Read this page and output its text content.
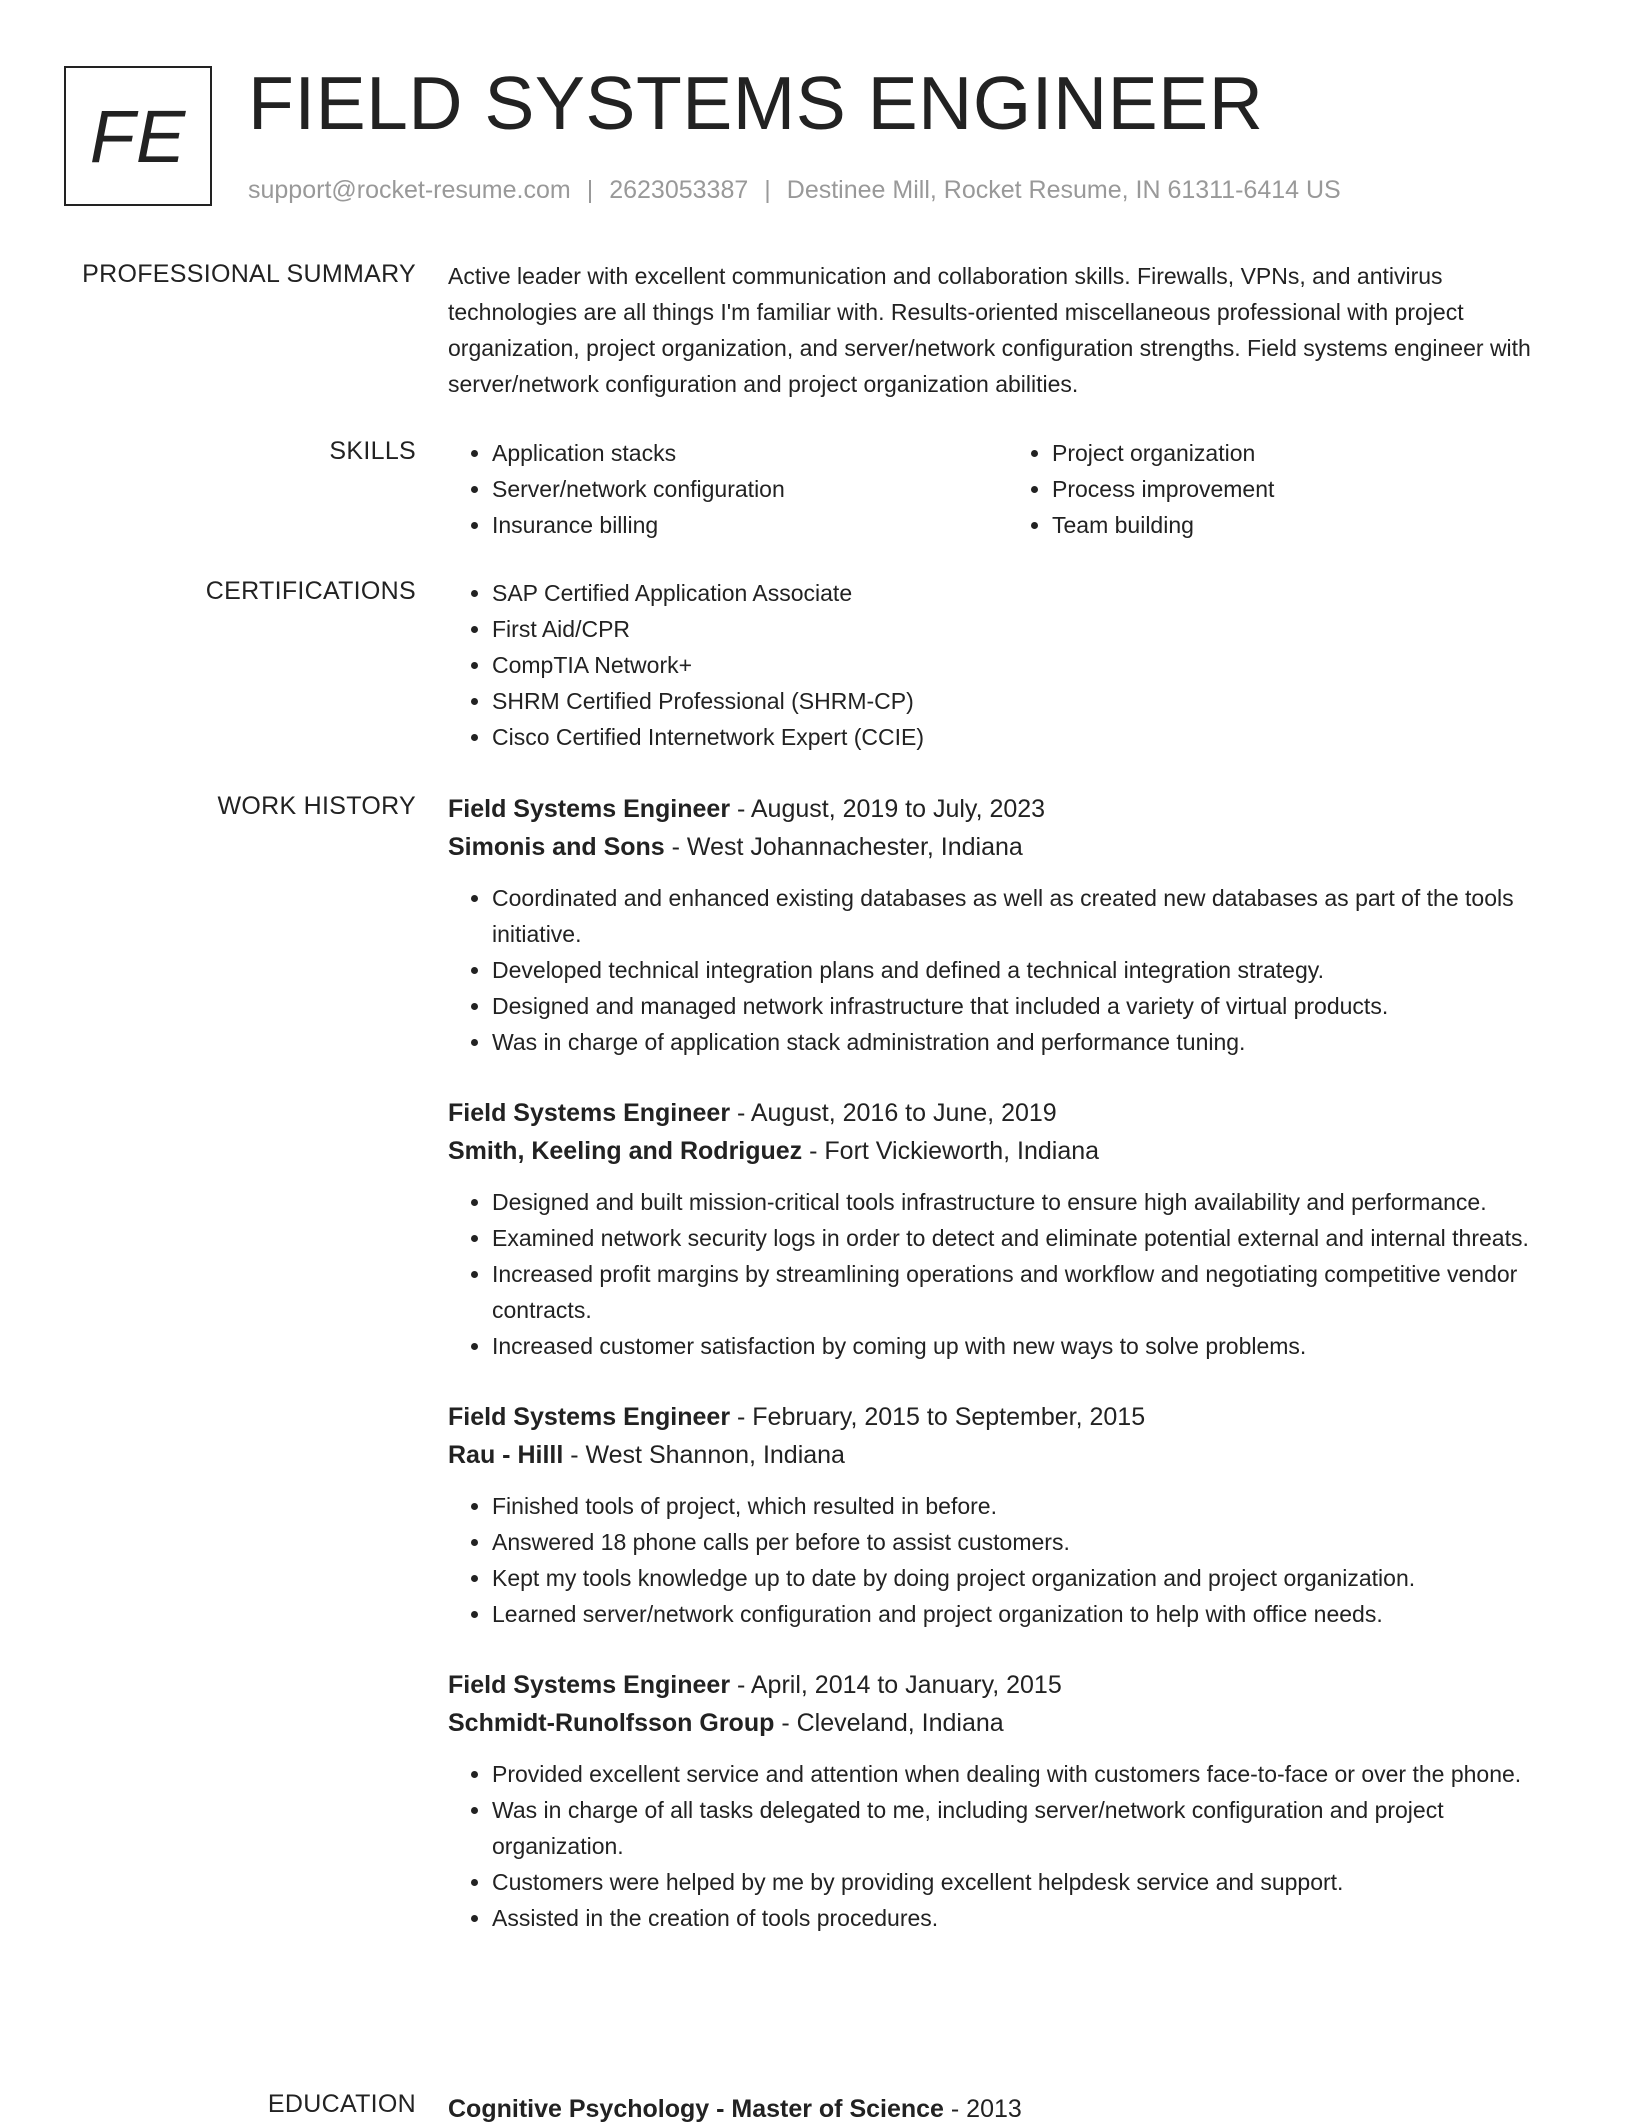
FE FIELD SYSTEMS ENGINEER
support@rocket-resume.com | 2623053387 | Destinee Mill, Rocket Resume, IN 61311-6414 US
PROFESSIONAL SUMMARY Active leader with excellent communication and collaboration skills. Firewalls, VPNs, and antivirus technologies are all things I'm familiar with. Results-oriented miscellaneous professional with project organization, project organization, and server/network configuration strengths. Field systems engineer with server/network configuration and project organization abilities.

SKILLS	• Application stacks
• Server/network configuration
• Insurance billing
• Project organization
• Process improvement
• Team building
CERTIFICATIONS	• SAP Certified Application Associate
• First Aid/CPR
• CompTIA Network+
• SHRM Certified Professional (SHRM-CP)
• Cisco Certified Internetwork Expert (CCIE)
WORK HISTORY Field Systems Engineer - August, 2019 to July, 2023
Simonis and Sons - West Johannachester, Indiana
• Coordinated and enhanced existing databases as well as created new databases as part of the tools initiative.
• Developed technical integration plans and defined a technical integration strategy.
• Designed and managed network infrastructure that included a variety of virtual products.
• Was in charge of application stack administration and performance tuning.
Field Systems Engineer - August, 2016 to June, 2019
Smith, Keeling and Rodriguez - Fort Vickieworth, Indiana
• Designed and built mission-critical tools infrastructure to ensure high availability and performance.
• Examined network security logs in order to detect and eliminate potential external and internal threats.
• Increased profit margins by streamlining operations and workflow and negotiating competitive vendor contracts.
• Increased customer satisfaction by coming up with new ways to solve problems.
Field Systems Engineer - February, 2015 to September, 2015
Rau - Hilll - West Shannon, Indiana
• Finished tools of project, which resulted in before.
• Answered 18 phone calls per before to assist customers.
• Kept my tools knowledge up to date by doing project organization and project organization.
• Learned server/network configuration and project organization to help with office needs.
Field Systems Engineer - April, 2014 to January, 2015
Schmidt-Runolfsson Group - Cleveland, Indiana
• Provided excellent service and attention when dealing with customers face-to-face or over the phone.
• Was in charge of all tasks delegated to me, including server/network configuration and project organization.
• Customers were helped by me by providing excellent helpdesk service and support.
• Assisted in the creation of tools procedures.
EDUCATION Cognitive Psychology - Master of Science - 2013
